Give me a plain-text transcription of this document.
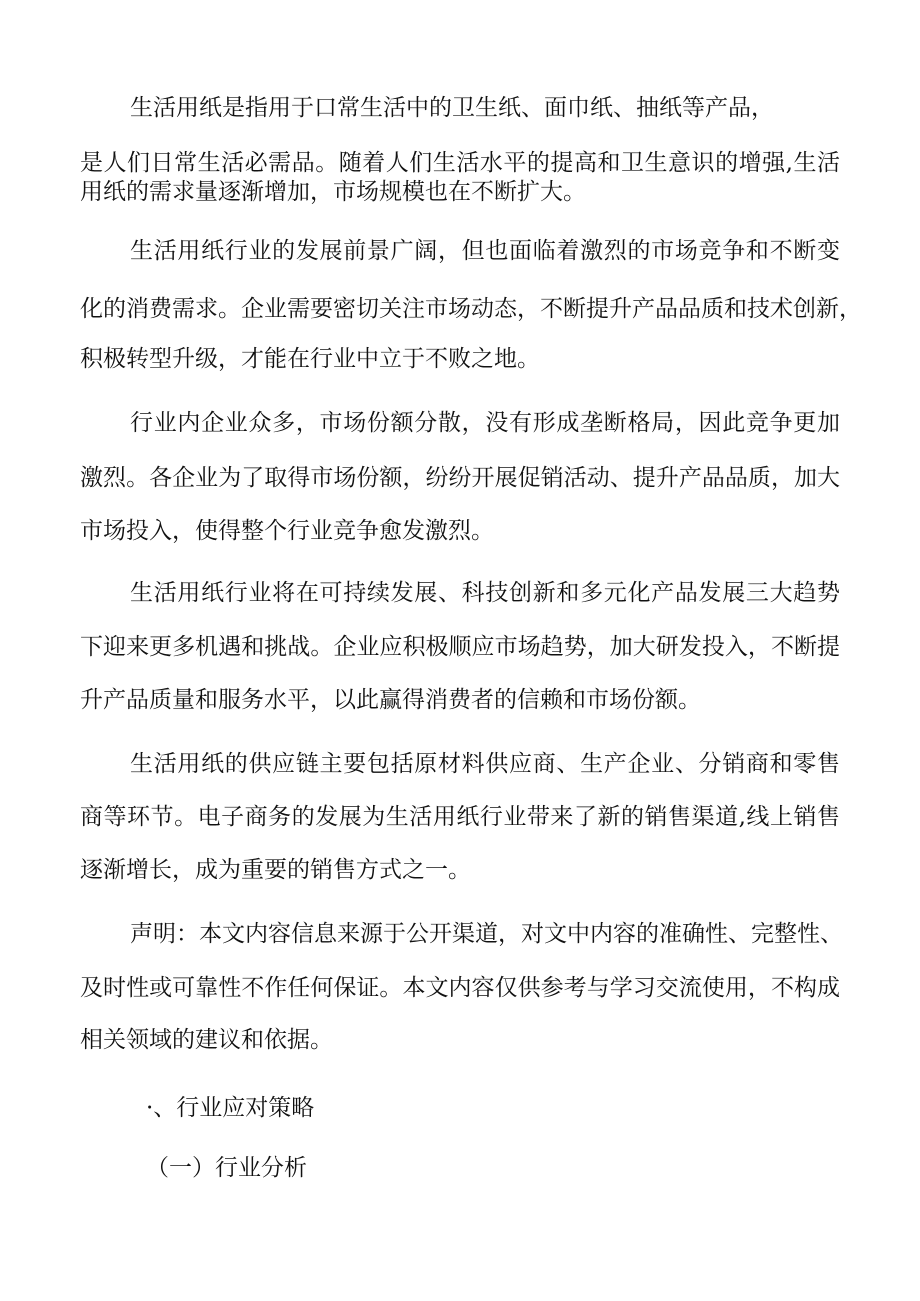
生活用纸是指用于口常生活中的卫生纸、面巾纸、抽纸等产品，
是人们日常生活必需品。随着人们生活水平的提高和卫生意识的增强,生活
用纸的需求量逐渐增加，市场规模也在不断扩大。
生活用纸行业的发展前景广阔，但也面临着激烈的市场竞争和不断变
化的消费需求。企业需要密切关注市场动态，不断提升产品品质和技术创新，
积极转型升级，才能在行业中立于不败之地。
行业内企业众多，市场份额分散，没有形成垄断格局，因此竞争更加
激烈。各企业为了取得市场份额，纷纷开展促销活动、提升产品品质，加大
市场投入，使得整个行业竞争愈发激烈。
生活用纸行业将在可持续发展、科技创新和多元化产品发展三大趋势
下迎来更多机遇和挑战。企业应积极顺应市场趋势，加大研发投入，不断提
升产品质量和服务水平，以此赢得消费者的信赖和市场份额。
生活用纸的供应链主要包括原材料供应商、生产企业、分销商和零售
商等环节。电子商务的发展为生活用纸行业带来了新的销售渠道,线上销售
逐渐增长，成为重要的销售方式之一。
声明：本文内容信息来源于公开渠道，对文中内容的准确性、完整性、
及时性或可靠性不作任何保证。本文内容仅供参考与学习交流使用，不构成
相关领域的建议和依据。
·、行业应对策略
（一）行业分析
